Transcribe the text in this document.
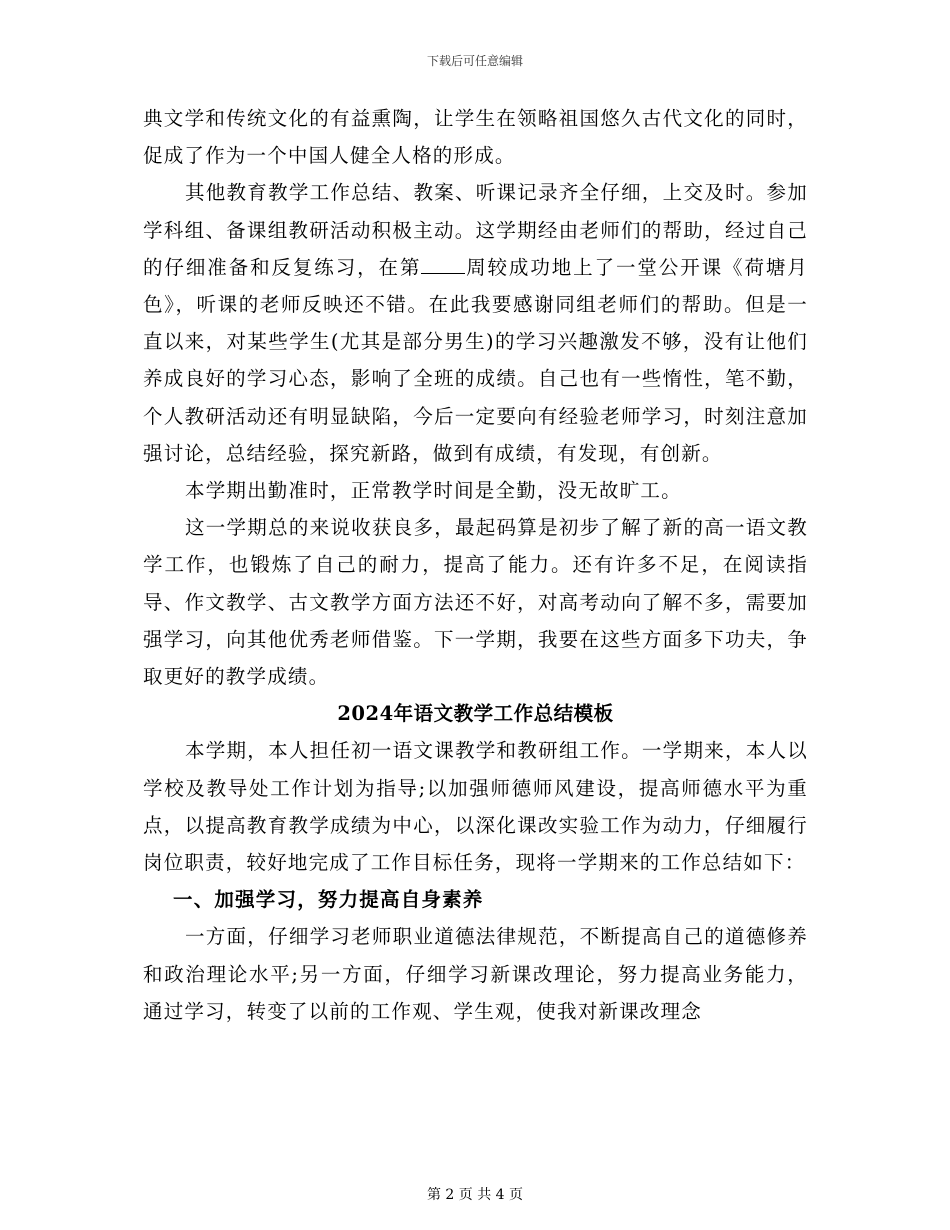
下载后可任意编辑

典文学和传统文化的有益熏陶，让学生在领略祖国悠久古代文化的同时，促成了作为一个中国人健全人格的形成。

其他教育教学工作总结、教案、听课记录齐全仔细，上交及时。参加学科组、备课组教研活动积极主动。这学期经由老师们的帮助，经过自己的仔细准备和反复练习，在第 周较成功地上了一堂公开课《荷塘月色》，听课的老师反映还不错。在此我要感谢同组老师们的帮助。但是一直以来，对某些学生(尤其是部分男生)的学习兴趣激发不够，没有让他们养成良好的学习心态，影响了全班的成绩。自己也有一些惰性，笔不勤，个人教研活动还有明显缺陷，今后一定要向有经验老师学习，时刻注意加强讨论，总结经验，探究新路，做到有成绩，有发现，有创新。

本学期出勤准时，正常教学时间是全勤，没无故旷工。

这一学期总的来说收获良多，最起码算是初步了解了新的高一语文教学工作，也锻炼了自己的耐力，提高了能力。还有许多不足，在阅读指导、作文教学、古文教学方面方法还不好，对高考动向了解不多，需要加强学习，向其他优秀老师借鉴。下一学期，我要在这些方面多下功夫，争取更好的教学成绩。

2024年语文教学工作总结模板

本学期，本人担任初一语文课教学和教研组工作。一学期来，本人以学校及教导处工作计划为指导;以加强师德师风建设，提高师德水平为重点，以提高教育教学成绩为中心，以深化课改实验工作为动力，仔细履行岗位职责，较好地完成了工作目标任务，现将一学期来的工作总结如下：

一、加强学习，努力提高自身素养

一方面，仔细学习老师职业道德法律规范，不断提高自己的道德修养和政治理论水平;另一方面，仔细学习新课改理论，努力提高业务能力，通过学习，转变了以前的工作观、学生观，使我对新课改理念

第 2 页 共 4 页
